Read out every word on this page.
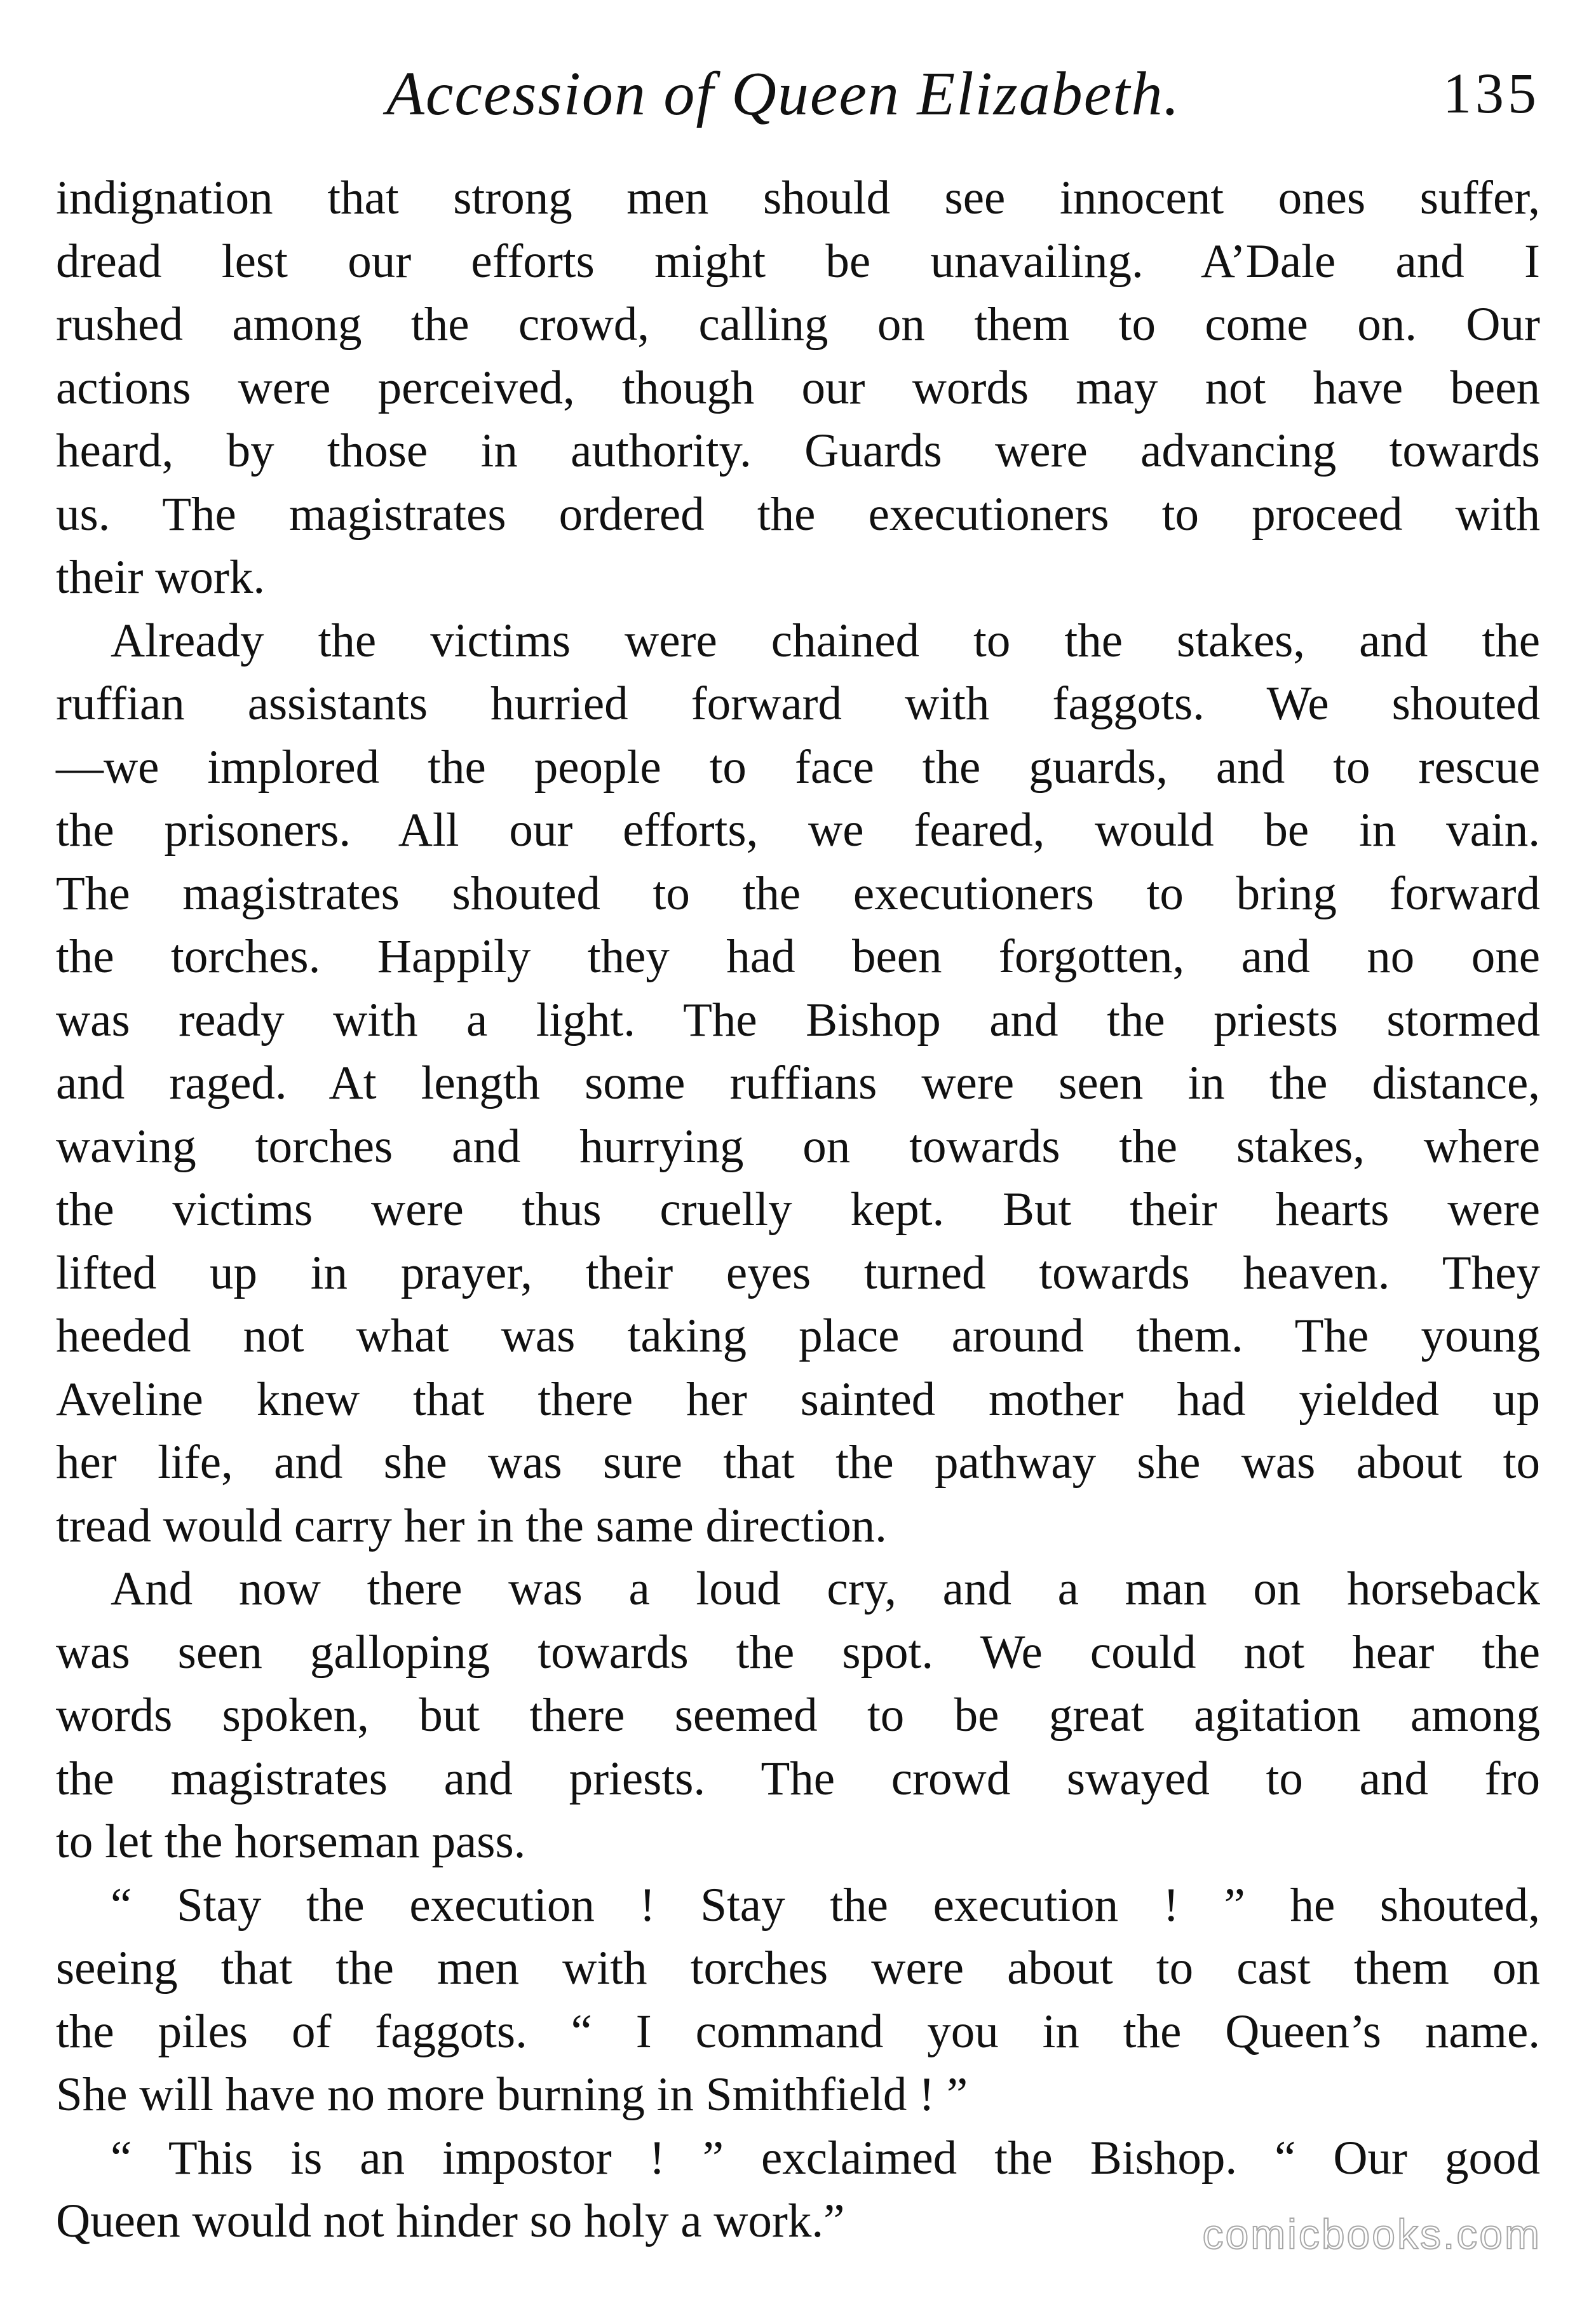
Accession of Queen Elizabeth.	135
indignation that strong men should see innocent ones suffer,
dread lest our efforts might be unavailing. A’Dale and I
rushed among the crowd, calling on them to come on. Our
actions were perceived, though our words may not have been
heard, by those in authority. Guards were advancing towards
us. The magistrates ordered the executioners to proceed with
their work.
Already the victims were chained to the stakes, and the
ruffian assistants hurried forward with faggots. We shouted
—we implored the people to face the guards, and to rescue
the prisoners. All our efforts, we feared, would be in vain.
The magistrates shouted to the executioners to bring forward
the torches. Happily they had been forgotten, and no one
was ready with a light. The Bishop and the priests stormed
and raged. At length some ruffians were seen in the distance,
waving torches and hurrying on towards the stakes, where
the victims were thus cruelly kept. But their hearts were
lifted up in prayer, their eyes turned towards heaven. They
heeded not what was taking place around them. The young
Aveline knew that there her sainted mother had yielded up
her life, and she was sure that the pathway she was about to
tread would carry her in the same direction.
And now there was a loud cry, and a man on horseback
was seen galloping towards the spot. We could not hear the
words spoken, but there seemed to be great agitation among
the magistrates and priests. The crowd swayed to and fro
to let the horseman pass.
“ Stay the execution ! Stay the execution ! ” he shouted,
seeing that the men with torches were about to cast them on
the piles of faggots. “ I command you in the Queen’s name.
She will have no more burning in Smithfield ! ”
“ This is an impostor ! ” exclaimed the Bishop. “ Our good
Queen would not hinder so holy a work.”	comicbooks.com
